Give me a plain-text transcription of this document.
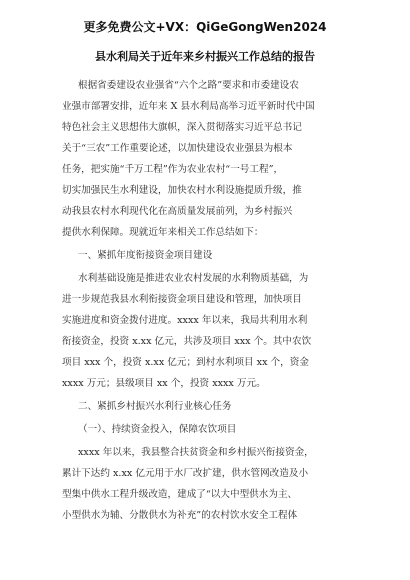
更多免费公文+VX：QiGeGongWen2024
县水利局关于近年来乡村振兴工作总结的报告
根据省委建设农业强省“六个之路”要求和市委建设农
业强市部署安排，近年来 X 县水利局高举习近平新时代中国
特色社会主义思想伟大旗帜，深入贯彻落实习近平总书记
关于“三农”工作重要论述，以加快建设农业强县为根本
任务，把实施“千万工程”作为农业农村“一号工程”，
切实加强民生水利建设，加快农村水利设施提质升级，推
动我县农村水利现代化在高质量发展前列，为乡村振兴
提供水利保障。现就近年来相关工作总结如下：
一、紧抓年度衔接资金项目建设
水利基础设施是推进农业农村发展的水利物质基础，为
进一步规范我县水利衔接资金项目建设和管理，加快项目
实施进度和资金拨付进度。xxxx 年以来，我局共利用水利
衔接资金，投资 x.xx 亿元，共涉及项目 xxx 个。其中农饮
项目 xxx 个，投资 x.xx 亿元；到村水利项目 xx 个，资金
xxxx 万元；县级项目 xx 个，投资 xxxx 万元。
二、紧抓乡村振兴水利行业核心任务
（一）、持续资金投入，保障农饮项目
xxxx 年以来，我县整合扶贫资金和乡村振兴衔接资金，
累计下达约 x.xx 亿元用于水厂改扩建，供水管网改造及小
型集中供水工程升级改造，建成了“以大中型供水为主、
小型供水为辅、分散供水为补充”的农村饮水安全工程体
